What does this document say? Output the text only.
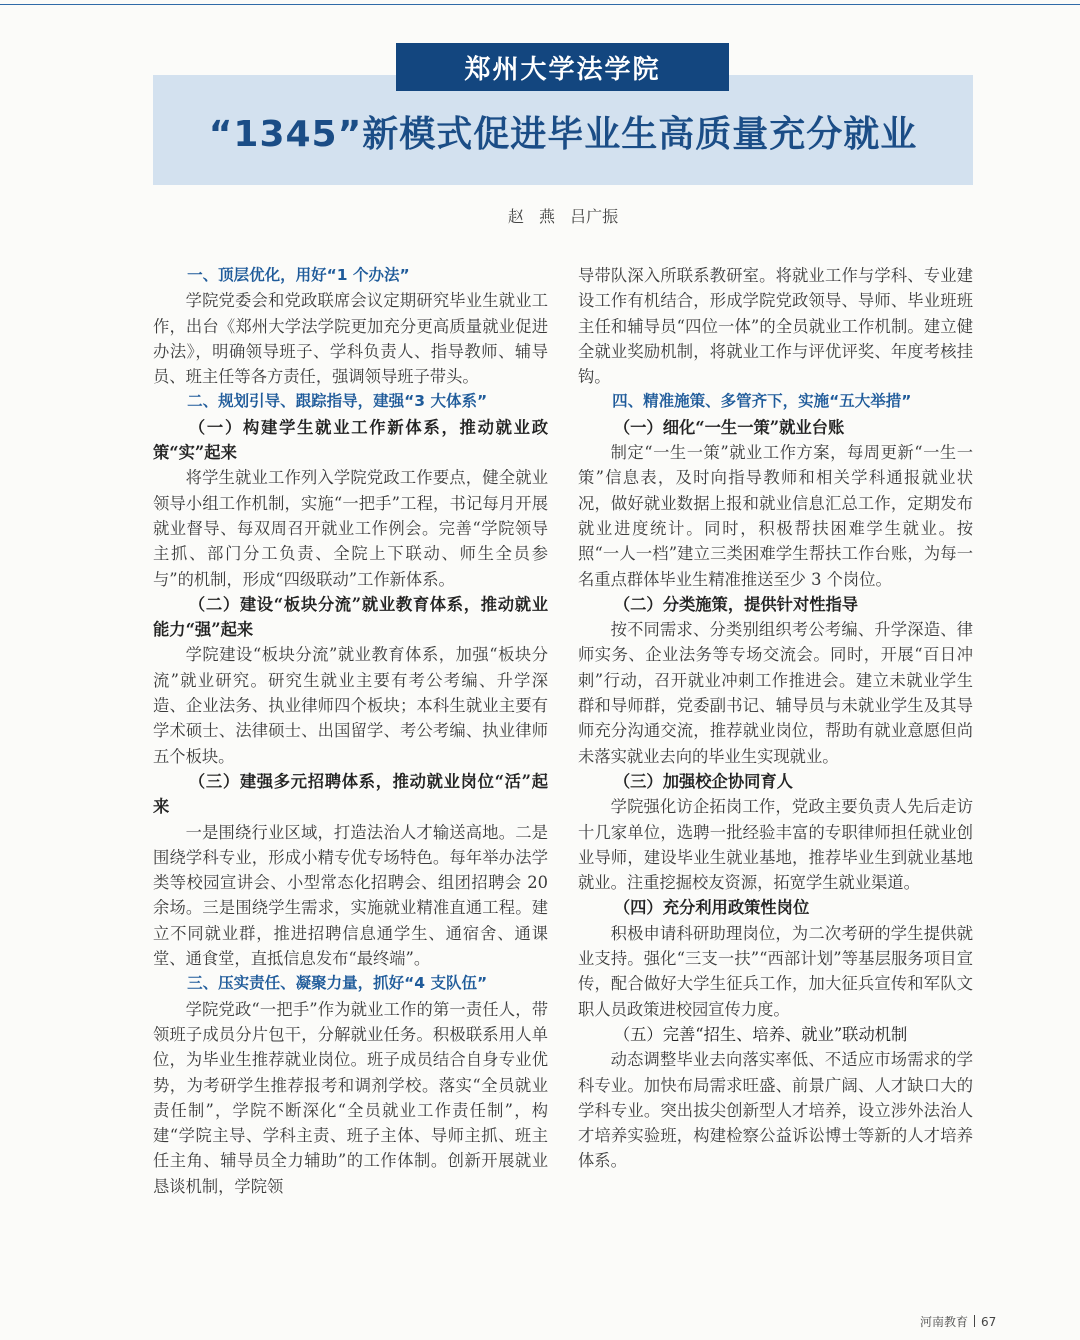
郑州大学法学院
“1345”新模式促进毕业生高质量充分就业
赵 燕 吕广振
一、顶层优化，用好“1 个办法”

学院党委会和党政联席会议定期研究毕业生就业工作，出台《郑州大学法学院更加充分更高质量就业促进办法》，明确领导班子、学科负责人、指导教师、辅导员、班主任等各方责任，强调领导班子带头。

二、规划引导、跟踪指导，建强“3 大体系”
（一）构建学生就业工作新体系，推动就业政策“实”起来

将学生就业工作列入学院党政工作要点，健全就业领导小组工作机制，实施“一把手”工程，书记每月开展就业督导、每双周召开就业工作例会。完善“学院领导主抓、部门分工负责、全院上下联动、师生全员参与”的机制，形成“四级联动”工作新体系。

（二）建设“板块分流”就业教育体系，推动就业能力“强”起来

学院建设“板块分流”就业教育体系，加强“板块分流”就业研究。研究生就业主要有考公考编、升学深造、企业法务、执业律师四个板块；本科生就业主要有学术硕士、法律硕士、出国留学、考公考编、执业律师五个板块。

（三）建强多元招聘体系，推动就业岗位“活”起来

一是围绕行业区域，打造法治人才输送高地。二是围绕学科专业，形成小精专优专场特色。每年举办法学类等校园宣讲会、小型常态化招聘会、组团招聘会 20 余场。三是围绕学生需求，实施就业精准直通工程。建立不同就业群，推进招聘信息通学生、通宿舍、通课堂、通食堂，直抵信息发布“最终端”。

三、压实责任、凝聚力量，抓好“4 支队伍”

学院党政“一把手”作为就业工作的第一责任人，带领班子成员分片包干，分解就业任务。积极联系用人单位，为毕业生推荐就业岗位。班子成员结合自身专业优势，为考研学生推荐报考和调剂学校。落实“全员就业责任制”，学院不断深化“全员就业工作责任制”，构建“学院主导、学科主责、班子主体、导师主抓、班主任主角、辅导员全力辅助”的工作体制。创新开展就业恳谈机制，学院领

导带队深入所联系教研室。将就业工作与学科、专业建设工作有机结合，形成学院党政领导、导师、毕业班班主任和辅导员“四位一体”的全员就业工作机制。建立健全就业奖励机制，将就业工作与评优评奖、年度考核挂钩。

四、精准施策、多管齐下，实施“五大举措”
（一）细化“一生一策”就业台账

制定“一生一策”就业工作方案，每周更新“一生一策”信息表，及时向指导教师和相关学科通报就业状况，做好就业数据上报和就业信息汇总工作，定期发布就业进度统计。同时，积极帮扶困难学生就业。按照“一人一档”建立三类困难学生帮扶工作台账，为每一名重点群体毕业生精准推送至少 3 个岗位。

（二）分类施策，提供针对性指导

按不同需求、分类别组织考公考编、升学深造、律师实务、企业法务等专场交流会。同时，开展“百日冲刺”行动，召开就业冲刺工作推进会。建立未就业学生群和导师群，党委副书记、辅导员与未就业学生及其导师充分沟通交流，推荐就业岗位，帮助有就业意愿但尚未落实就业去向的毕业生实现就业。

（三）加强校企协同育人

学院强化访企拓岗工作，党政主要负责人先后走访十几家单位，选聘一批经验丰富的专职律师担任就业创业导师，建设毕业生就业基地，推荐毕业生到就业基地就业。注重挖掘校友资源，拓宽学生就业渠道。

（四）充分利用政策性岗位

积极申请科研助理岗位，为二次考研的学生提供就业支持。强化“三支一扶”“西部计划”等基层服务项目宣传，配合做好大学生征兵工作，加大征兵宣传和军队文职人员政策进校园宣传力度。

（五）完善“招生、培养、就业”联动机制

动态调整毕业去向落实率低、不适应市场需求的学科专业。加快布局需求旺盛、前景广阔、人才缺口大的学科专业。突出拔尖创新型人才培养，设立涉外法治人才培养实验班，构建检察公益诉讼博士等新的人才培养体系。

河南教育 67
